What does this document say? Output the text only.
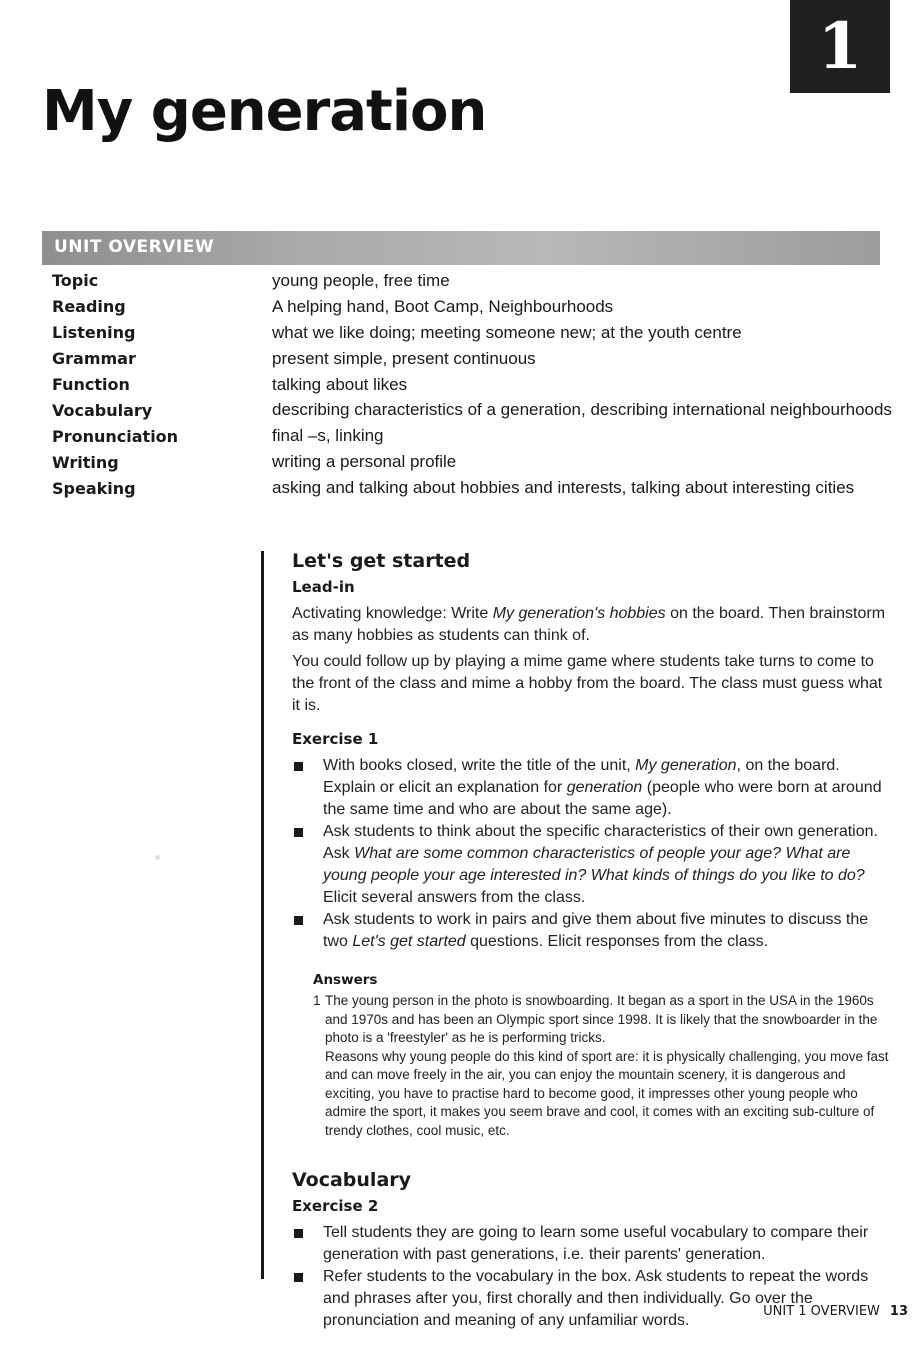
1
My generation
UNIT OVERVIEW
Topic	young people, free time
Reading	A helping hand, Boot Camp, Neighbourhoods
Listening	what we like doing; meeting someone new; at the youth centre
Grammar	present simple, present continuous
Function	talking about likes
Vocabulary	describing characteristics of a generation, describing international neighbourhoods
Pronunciation	final –s, linking
Writing	writing a personal profile
Speaking	asking and talking about hobbies and interests, talking about interesting cities
Let's get started
Lead-in

Activating knowledge: Write My generation's hobbies on the board. Then brainstorm as many hobbies as students can think of.

You could follow up by playing a mime game where students take turns to come to the front of the class and mime a hobby from the board. The class must guess what it is.

Exercise 1
With books closed, write the title of the unit, My generation, on the board. Explain or elicit an explanation for generation (people who were born at around the same time and who are about the same age).
Ask students to think about the specific characteristics of their own generation. Ask What are some common characteristics of people your age? What are young people your age interested in? What kinds of things do you like to do? Elicit several answers from the class.
Ask students to work in pairs and give them about five minutes to discuss the two Let's get started questions. Elicit responses from the class.
Answers
1 The young person in the photo is snowboarding. It began as a sport in the USA in the 1960s and 1970s and has been an Olympic sport since 1998. It is likely that the snowboarder in the photo is a 'freestyler' as he is performing tricks.

Reasons why young people do this kind of sport are: it is physically challenging, you move fast and can move freely in the air, you can enjoy the mountain scenery, it is dangerous and exciting, you have to practise hard to become good, it impresses other young people who admire the sport, it makes you seem brave and cool, it comes with an exciting sub-culture of trendy clothes, cool music, etc.

Vocabulary
Exercise 2
Tell students they are going to learn some useful vocabulary to compare their generation with past generations, i.e. their parents' generation.
Refer students to the vocabulary in the box. Ask students to repeat the words and phrases after you, first chorally and then individually. Go over the pronunciation and meaning of any unfamiliar words.
UNIT 1 OVERVIEW 13
